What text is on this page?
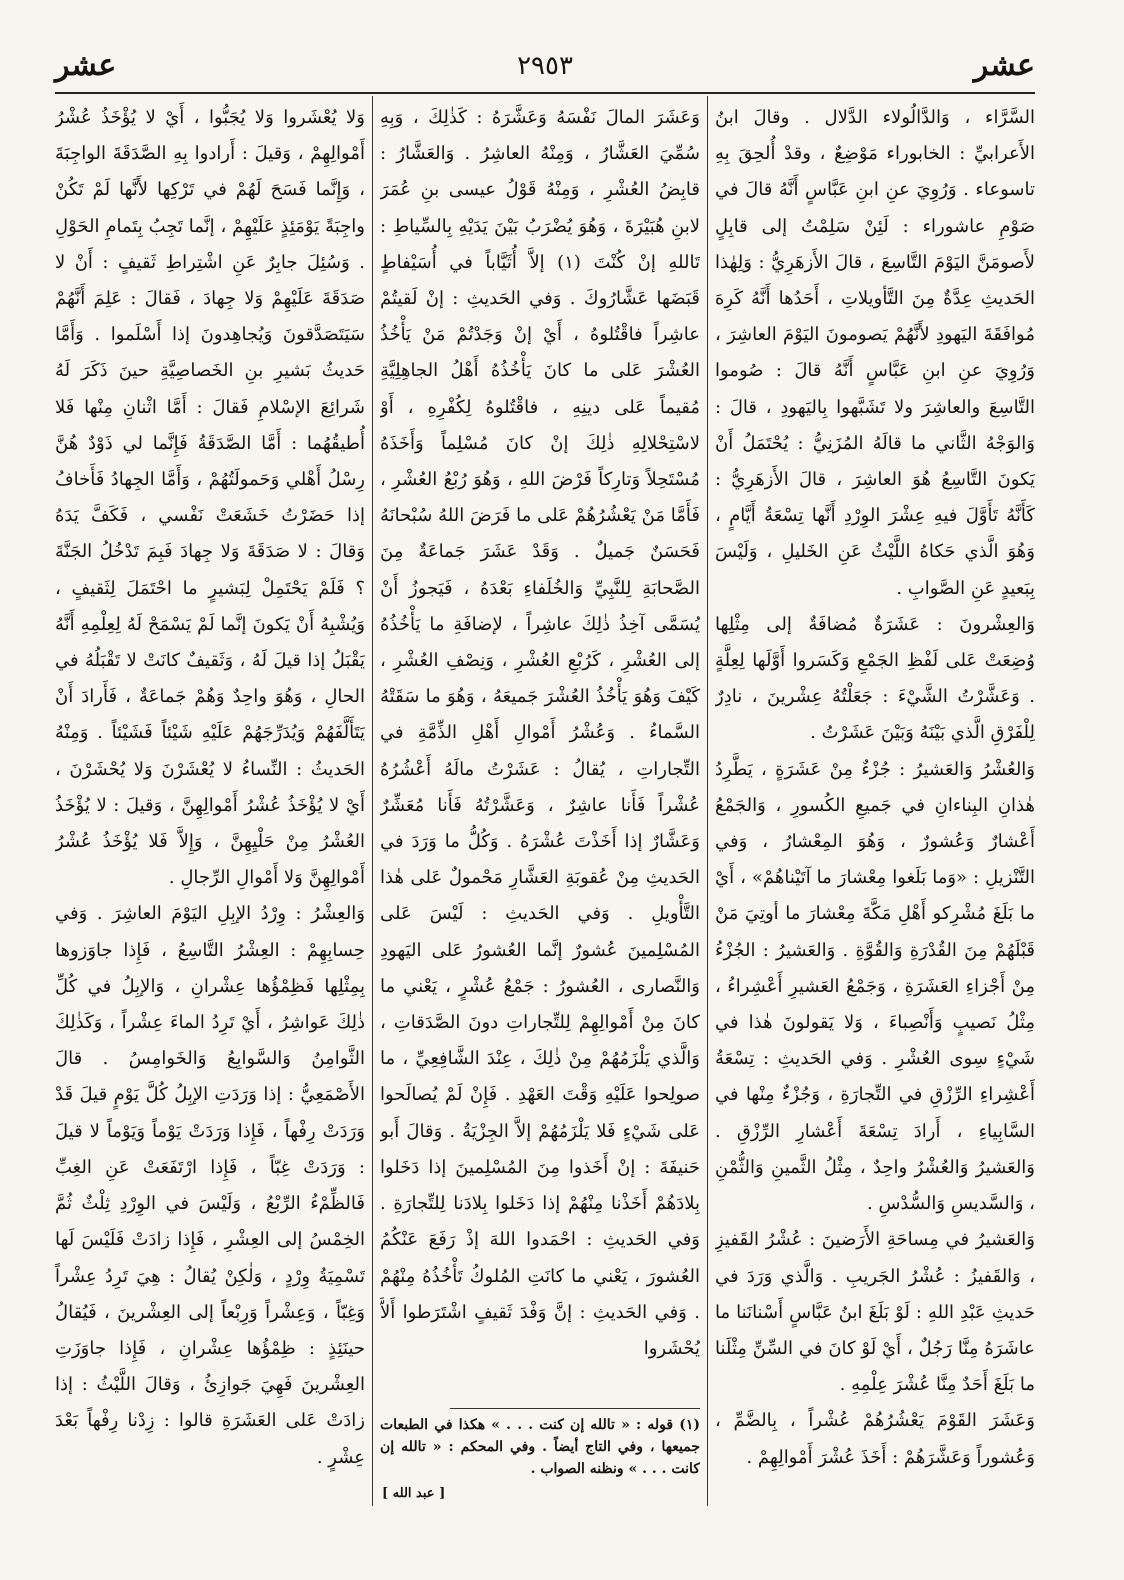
عشر
٢٩٥٣
عشر

السَّرَّاء ، وَالدَّالُولاء الدَّلال . وقالَ ابنُ الأَعرابيِّ : الخابوراء مَوْضِعٌ ، وقدْ أُلحِقَ بِهِ تاسوعاء . وَرُوِيَ عنِ ابنِ عَبَّاسٍ أَنَّهُ قالَ في صَوْمِ عاشوراء : لَئِنْ سَلِمْتُ إلى قابِلٍ لأَصومَنَّ اليَوْمَ التَّاسِعَ ، قالَ الأَزهَرِيُّ : وَلِهٰذا الحَديثِ عِدَّةٌ مِنَ التَّأويلاتِ ، أَحَدُها أَنَّهُ كَرِهَ مُوافَقَةَ اليَهودِ لأَنَّهُمْ يَصومونَ اليَوْمَ العاشِرَ ، وَرُوِيَ عنِ ابنِ عَبَّاسٍ أَنَّهُ قالَ : صُوموا التَّاسِعَ والعاشِرَ ولا تَشَبَّهوا بِاليَهودِ ، قالَ : وَالوَجْهُ الثَّاني ما قالَهُ المُزَنِيُّ : يُحْتَمَلُ أَنْ يَكونَ التَّاسِعُ هُوَ العاشِرَ ، قالَ الأَزهَرِيُّ : كَأَنَّهُ تَأَوَّلَ فيهِ عِشْرَ الوِرْدِ أَنَّها تِسْعَةُ أَيَّامٍ ، وَهُوَ الَّذي حَكاهُ اللَّيْثُ عَنِ الخَليلِ ، وَلَيْسَ بِبَعيدٍ عَنِ الصَّوابِ .

وَالعِشْرونَ : عَشَرَةٌ مُضافَةٌ إلى مِثْلِها وُضِعَتْ عَلى لَفْظِ الجَمْعِ وَكَسَروا أَوَّلَها لِعِلَّةٍ . وَعَشَّرْتُ الشَّيْءَ : جَعَلْتُهُ عِشْرينَ ، نادِرٌ لِلْفَرْقِ الَّذي بَيْنَهُ وَبَيْنَ عَشَرْتُ .

وَالعُشْرُ وَالعَشيرُ : جُزْءٌ مِنْ عَشَرَةٍ ، يَطَّرِدُ هٰذانِ البِناءانِ في جَميعِ الكُسورِ ، وَالجَمْعُ أَعْشارٌ وَعُشورٌ ، وَهُوَ المِعْشارُ ، وَفي التَّنْزيلِ : «وَما بَلَغوا مِعْشارَ ما آتَيْناهُمْ» ، أَيْ ما بَلَغَ مُشْرِكو أَهْلِ مَكَّةَ مِعْشارَ ما أوتِيَ مَنْ قَبْلَهُمْ مِنَ القُدْرَةِ وَالقُوَّةِ . وَالعَشيرُ : الجُزْءُ مِنْ أَجْزاءِ العَشَرَةِ ، وَجَمْعُ العَشيرِ أَعْشِراءُ ، مِثْلُ نَصيبٍ وَأَنْصِباءَ ، وَلا يَقولونَ هٰذا في شَيْءٍ سِوى العُشْرِ . وَفي الحَديثِ : تِسْعَةُ أَعْشِراءِ الرِّزْقِ في التِّجارَةِ ، وَجُزْءٌ مِنْها في السَّابِياءِ ، أَرادَ تِسْعَةَ أَعْشارِ الرِّزْقِ . وَالعَشيرُ وَالعُشْرُ واحِدٌ ، مِثْلُ الثَّمينِ وَالثُّمْنِ ، وَالسَّديسِ وَالسُّدْسِ .

وَالعَشيرُ في مِساحَةِ الأَرَضينَ : عُشْرُ القَفيزِ ، وَالقَفيزُ : عُشْرُ الجَريبِ . وَالَّذي وَرَدَ في حَديثِ عَبْدِ اللهِ : لَوْ بَلَغَ ابنُ عَبَّاسٍ أَسْنانَنا ما عاشَرَهُ مِنَّا رَجُلٌ ، أَيْ لَوْ كانَ في السِّنِّ مِثْلَنا ما بَلَغَ أَحَدٌ مِنَّا عُشْرَ عِلْمِهِ .

وَعَشَرَ القَوْمَ يَعْشُرُهُمْ عُشْراً ، بِالضَّمِّ ، وَعُشوراً وَعَشَّرَهُمْ : أَخَذَ عُشْرَ أَمْوالِهِمْ .

وَعَشَرَ المالَ نَفْسَهُ وَعَشَّرَهُ : كَذٰلِكَ ، وَبِهِ سُمِّيَ العَشَّارُ ، وَمِنْهُ العاشِرُ . وَالعَشَّارُ : قابِضُ العُشْرِ ، وَمِنْهُ قَوْلُ عيسى بنِ عُمَرَ لابنِ هُبَيْرَةَ ، وَهُوَ يُضْرَبُ بَيْنَ يَدَيْهِ بِالسِّياطِ : تَاللهِ إنْ كُنْتَ (١) إلاَّ أُثَيَّاباً في أُسَيْفاطٍ قَبَضَها عَشَّارُوكَ . وَفي الحَديثِ : إنْ لَقيتُمْ عاشِراً فاقْتُلوهُ ، أَيْ إنْ وَجَدْتُمْ مَنْ يَأْخُذُ العُشْرَ عَلى ما كانَ يَأْخُذُهُ أَهْلُ الجاهِلِيَّةِ مُقيماً عَلى دينِهِ ، فاقْتُلوهُ لِكُفْرِهِ ، أَوْ لاسْتِحْلالِهِ ذٰلِكَ إنْ كانَ مُسْلِماً وَأَخَذَهُ مُسْتَحِلاً وَتارِكاً فَرْضَ اللهِ ، وَهُوَ رُبْعُ العُشْرِ ، فَأَمَّا مَنْ يَعْشُرُهُمْ عَلى ما فَرَضَ اللهُ سُبْحانَهُ فَحَسَنٌ جَميلٌ . وَقَدْ عَشَرَ جَماعَةٌ مِنَ الصَّحابَةِ لِلنَّبِيِّ وَالخُلَفاءِ بَعْدَهُ ، فَيَجوزُ أَنْ يُسَمَّى آخِذُ ذٰلِكَ عاشِراً ، لإضافَةِ ما يَأْخُذُهُ إلى العُشْرِ ، كَرُبْعِ العُشْرِ ، وَنِصْفِ العُشْرِ ، كَيْفَ وَهُوَ يَأْخُذُ العُشْرَ جَميعَهُ ، وَهُوَ ما سَقَتْهُ السَّماءُ . وَعُشْرُ أَمْوالِ أَهْلِ الذِّمَّةِ في التِّجاراتِ ، يُقالُ : عَشَرْتُ مالَهُ أَعْشُرُهُ عُشْراً فَأَنا عاشِرٌ ، وَعَشَّرْتُهُ فَأَنا مُعَشِّرٌ وَعَشَّارٌ إذا أَخَذْتَ عُشْرَهُ . وَكُلُّ ما وَرَدَ في الحَديثِ مِنْ عُقوبَةِ العَشَّارِ مَحْمولٌ عَلى هٰذا التَّأْويلِ . وَفي الحَديثِ : لَيْسَ عَلى المُسْلِمينَ عُشورٌ إنَّما العُشورُ عَلى اليَهودِ وَالنَّصارى ، العُشورُ : جَمْعُ عُشْرٍ ، يَعْني ما كانَ مِنْ أَمْوالِهِمْ لِلتِّجاراتِ دونَ الصَّدَقاتِ ، وَالَّذي يَلْزَمُهُمْ مِنْ ذٰلِكَ ، عِنْدَ الشَّافِعِيِّ ، ما صولِحوا عَلَيْهِ وَقْتَ العَهْدِ . فَإِنْ لَمْ يُصالَحوا عَلى شَيْءٍ فَلا يَلْزَمُهُمْ إلاَّ الجِزْيَةُ . وَقالَ أَبو حَنيفَةَ : إنْ أَخَذوا مِنَ المُسْلِمينَ إذا دَخَلوا بِلادَهُمْ أَخَذْنا مِنْهُمْ إذا دَخَلوا بِلادَنا لِلتِّجارَةِ . وَفي الحَديثِ : احْمَدوا اللهَ إذْ رَفَعَ عَنْكُمُ العُشورَ ، يَعْني ما كانَتِ المُلوكُ تَأْخُذُهُ مِنْهُمْ . وَفي الحَديثِ : إنَّ وَفْدَ ثَقيفٍ اشْتَرَطوا أَلاَّ يُحْشَروا

وَلا يُعْشَروا وَلا يُجَبُّوا ، أَيْ لا يُؤْخَذُ عُشْرُ أَمْوالِهِمْ ، وَقيلَ : أَرادوا بِهِ الصَّدَقَةَ الواجِبَةَ ، وَإِنَّما فَسَحَ لَهُمْ في تَرْكِها لأَنَّها لَمْ تَكُنْ واجِبَةً يَوْمَئِذٍ عَلَيْهِمْ ، إنَّما تَجِبُ بِتَمامِ الحَوْلِ . وَسُئِلَ جابِرٌ عَنِ اشْتِراطِ ثَقيفٍ : أَنْ لا صَدَقَةَ عَلَيْهِمْ وَلا جِهادَ ، فَقالَ : عَلِمَ أَنَّهُمْ سَيَتَصَدَّقونَ وَيُجاهِدونَ إذا أَسْلَموا . وَأَمَّا حَديثُ بَشيرِ بنِ الخَصاصِيَّةِ حينَ ذَكَرَ لَهُ شَرائِعَ الإسْلامِ فَقالَ : أَمَّا اثْنانِ مِنْها فَلا أُطيقُهُما : أَمَّا الصَّدَقَةُ فَإِنَّما لي ذَوْدٌ هُنَّ رِسْلُ أَهْلي وَحَمولَتُهُمْ ، وَأَمَّا الجِهادُ فَأَخافُ إذا حَضَرْتُ خَشَعَتْ نَفْسي ، فَكَفَّ يَدَهُ وَقالَ : لا صَدَقَةَ وَلا جِهادَ فَبِمَ تَدْخُلُ الجَنَّةَ ؟ فَلَمْ يَحْتَمِلْ لِبَشيرٍ ما احْتَمَلَ لِثَقيفٍ ، وَيُشْبِهُ أَنْ يَكونَ إنَّما لَمْ يَسْمَحْ لَهُ لِعِلْمِهِ أَنَّهُ يَقْبَلُ إذا قيلَ لَهُ ، وَثَقيفٌ كانَتْ لا تَقْبَلُهُ في الحالِ ، وَهُوَ واحِدٌ وَهُمْ جَماعَةٌ ، فَأَرادَ أَنْ يَتَأَلَّفَهُمْ وَيُدَرِّجَهُمْ عَلَيْهِ شَيْئاً فَشَيْئاً . وَمِنْهُ الحَديثُ : النِّساءُ لا يُعْشَرْنَ وَلا يُحْشَرْنَ ، أَيْ لا يُؤْخَذُ عُشْرُ أَمْوالِهِنَّ ، وَقيلَ : لا يُؤْخَذُ العُشْرُ مِنْ حَلْيِهِنَّ ، وَإِلاَّ فَلا يُؤْخَذُ عُشْرُ أَمْوالِهِنَّ وَلا أَمْوالِ الرِّجالِ .

وَالعِشْرُ : وِرْدُ الإبِلِ اليَوْمَ العاشِرَ . وَفي حِسابِهِمْ : العِشْرُ التَّاسِعُ ، فَإِذا جاوَزوها بِمِثْلِها فَظِمْؤُها عِشْرانِ ، وَالإبِلُ في كُلِّ ذٰلِكَ عَواشِرُ ، أَيْ تَرِدُ الماءَ عِشْراً ، وَكَذٰلِكَ الثَّوامِنُ وَالسَّوابِعُ وَالخَوامِسُ . قالَ الأَصْمَعِيُّ : إذا وَرَدَتِ الإبِلُ كُلَّ يَوْمٍ قيلَ قَدْ وَرَدَتْ رِفْهاً ، فَإِذا وَرَدَتْ يَوْماً وَيَوْماً لا قيلَ : وَرَدَتْ غِبّاً ، فَإِذا ارْتَفَعَتْ عَنِ الغِبِّ فَالظِّمْءُ الرِّبْعُ ، وَلَيْسَ في الوِرْدِ ثِلْثٌ ثُمَّ الخِمْسُ إلى العِشْرِ ، فَإِذا زادَتْ فَلَيْسَ لَها تَسْمِيَةُ وِرْدٍ ، وَلٰكِنْ يُقالُ : هِيَ تَرِدُ عِشْراً وَغِبّاً ، وَعِشْراً وَرِبْعاً إلى العِشْرينَ ، فَيُقالُ حينَئِذٍ : ظِمْؤُها عِشْرانِ ، فَإِذا جاوَزَتِ العِشْرينَ فَهِيَ جَوازِئُ ، وَقالَ اللَّيْثُ : إذا زادَتْ عَلى العَشَرَةِ قالوا : زِدْنا رِفْهاً بَعْدَ عِشْرٍ .

(١) قوله : « تالله إن كنت . . . » هكذا في الطبعات جميعها ، وفي التاج أيضاً . وفي المحكم : « تالله إن كانت . . . » ونظنه الصواب .
[ عبد الله ]
